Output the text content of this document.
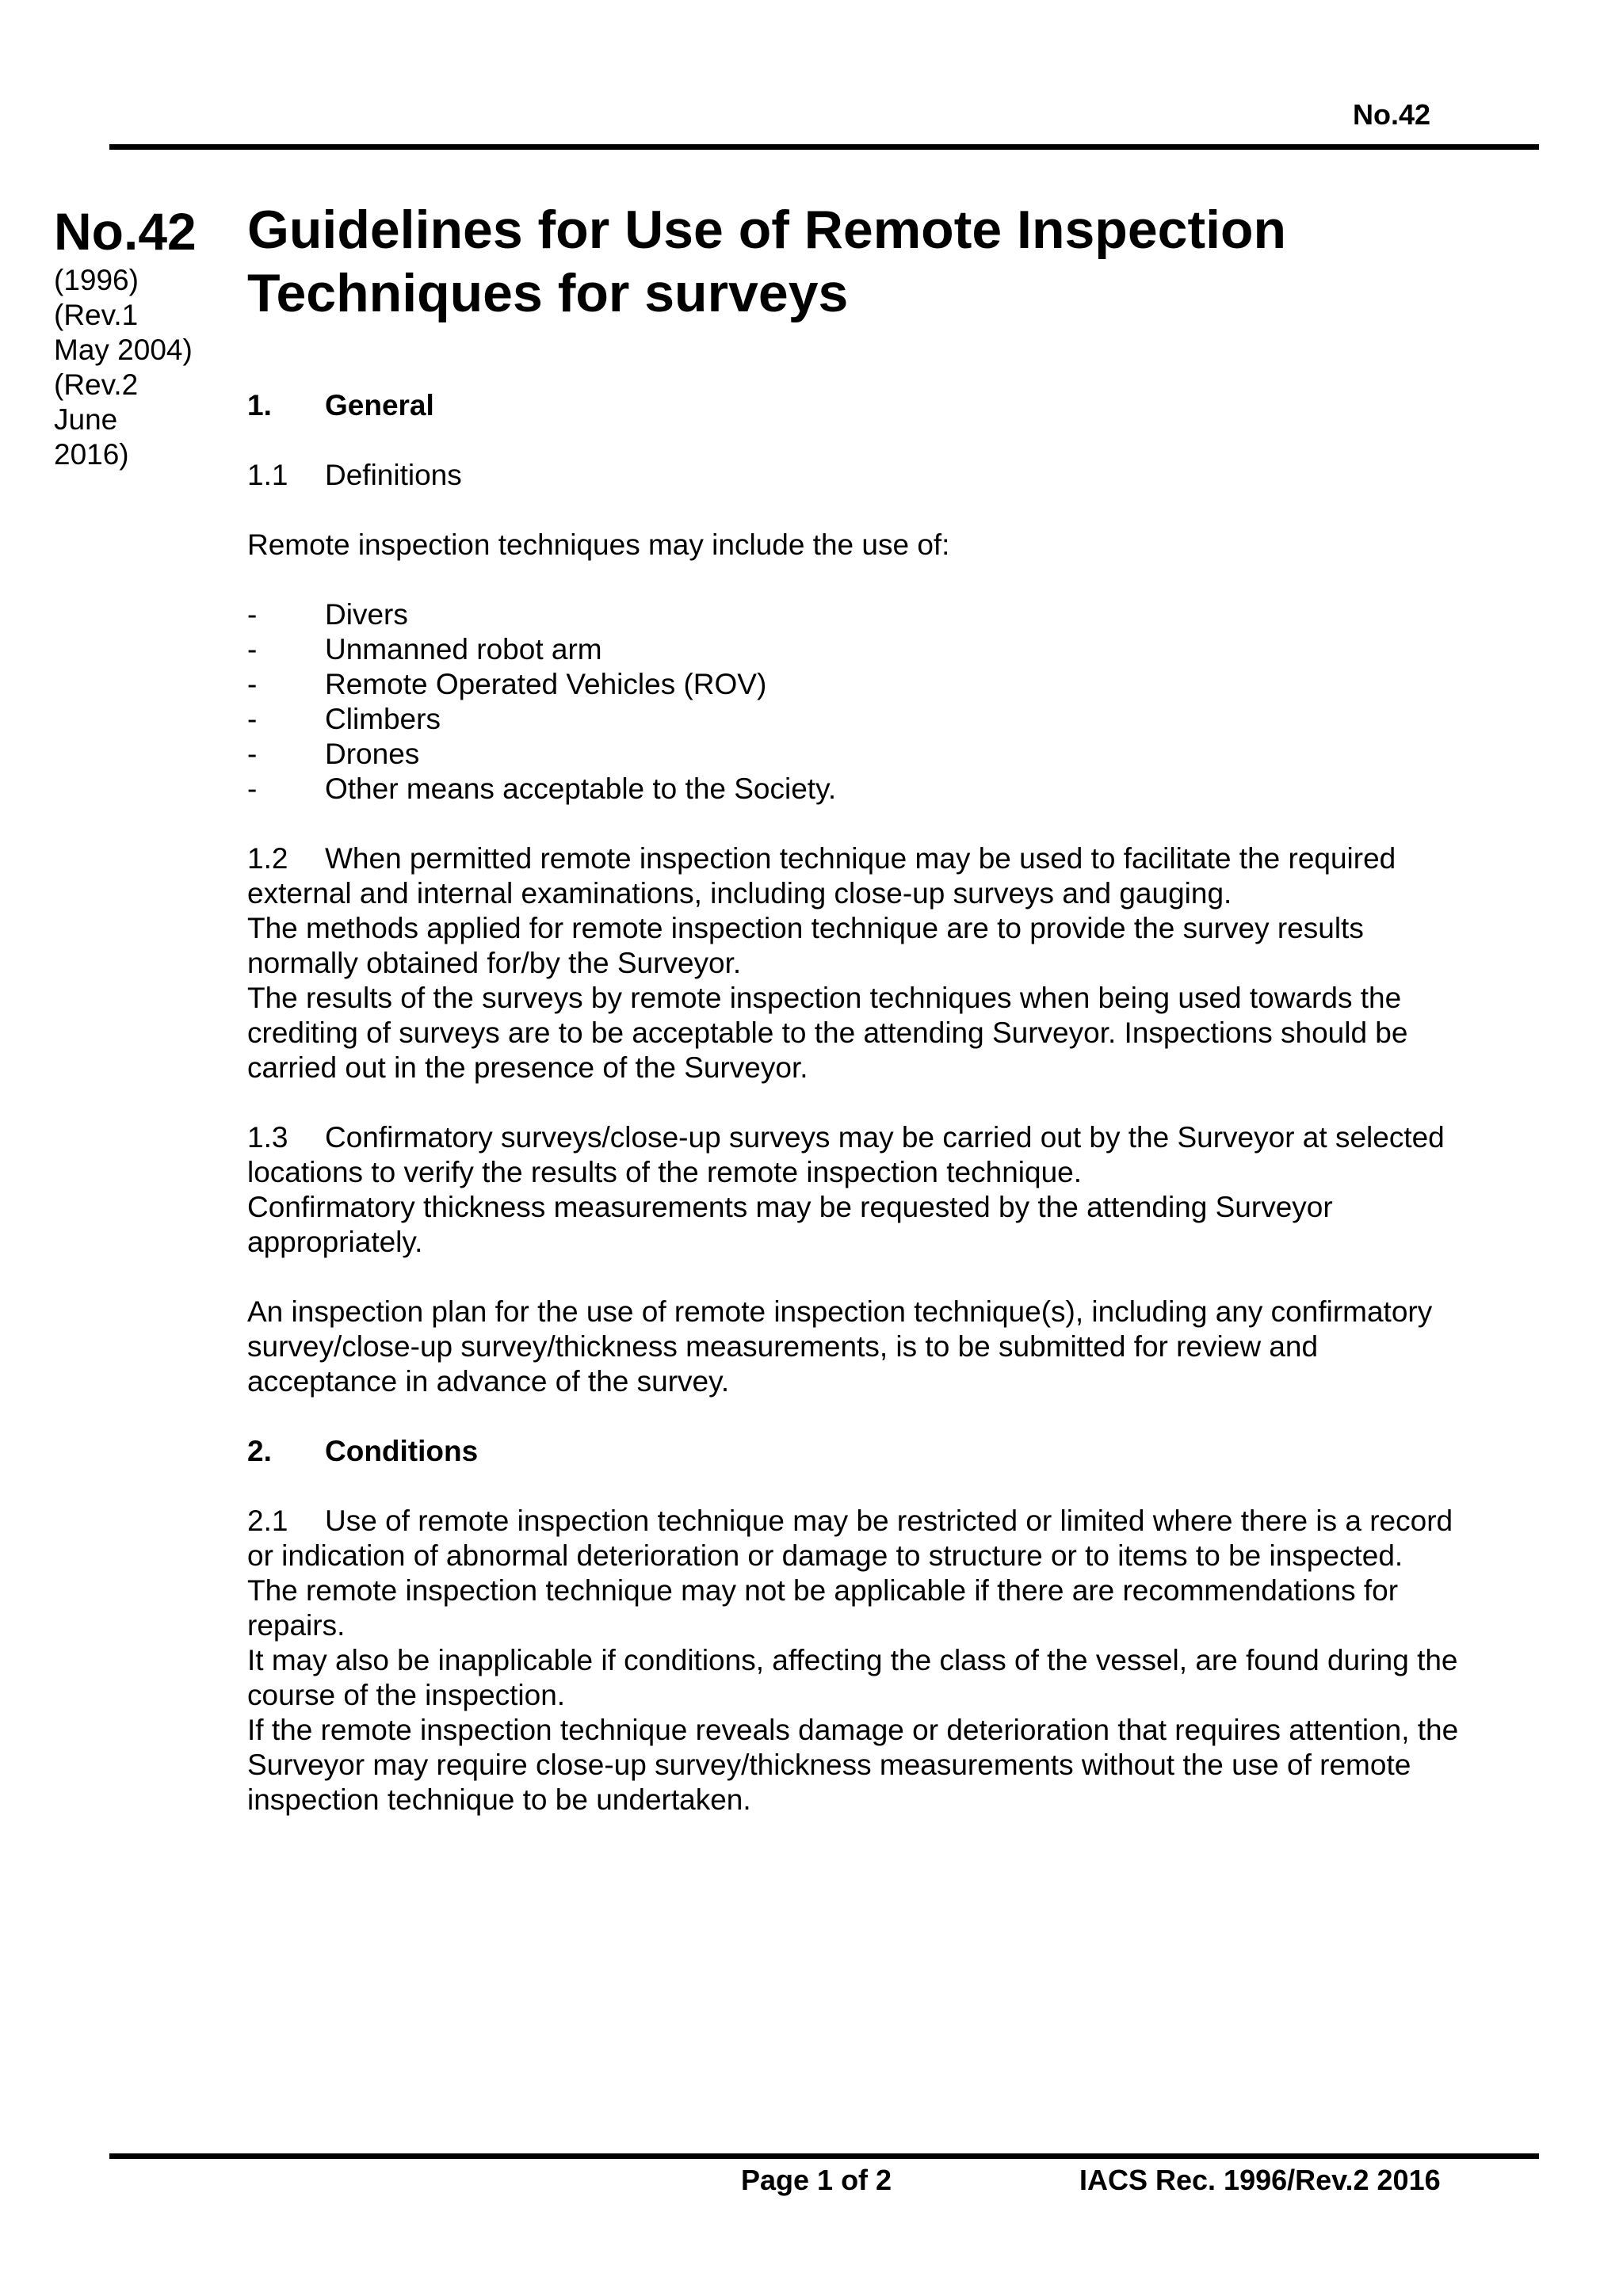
No.42

No.42

(1996)
(Rev.1
May 2004)
(Rev.2
June
2016)
Guidelines for Use of Remote Inspection
Techniques for surveys
1. General
1.1 Definitions
Remote inspection techniques may include the use of:
- Divers
- Unmanned robot arm
- Remote Operated Vehicles (ROV)
- Climbers
- Drones
- Other means acceptable to the Society.
1.2 When permitted remote inspection technique may be used to facilitate the required
external and internal examinations, including close-up surveys and gauging.
The methods applied for remote inspection technique are to provide the survey results
normally obtained for/by the Surveyor.
The results of the surveys by remote inspection techniques when being used towards the
crediting of surveys are to be acceptable to the attending Surveyor. Inspections should be
carried out in the presence of the Surveyor.
1.3 Confirmatory surveys/close-up surveys may be carried out by the Surveyor at selected
locations to verify the results of the remote inspection technique.
Confirmatory thickness measurements may be requested by the attending Surveyor
appropriately.
An inspection plan for the use of remote inspection technique(s), including any confirmatory
survey/close-up survey/thickness measurements, is to be submitted for review and
acceptance in advance of the survey.
2. Conditions
2.1 Use of remote inspection technique may be restricted or limited where there is a record
or indication of abnormal deterioration or damage to structure or to items to be inspected.
The remote inspection technique may not be applicable if there are recommendations for
repairs.
It may also be inapplicable if conditions, affecting the class of the vessel, are found during the
course of the inspection.
If the remote inspection technique reveals damage or deterioration that requires attention, the
Surveyor may require close-up survey/thickness measurements without the use of remote
inspection technique to be undertaken.
Page 1 of 2	IACS Rec. 1996/Rev.2 2016
